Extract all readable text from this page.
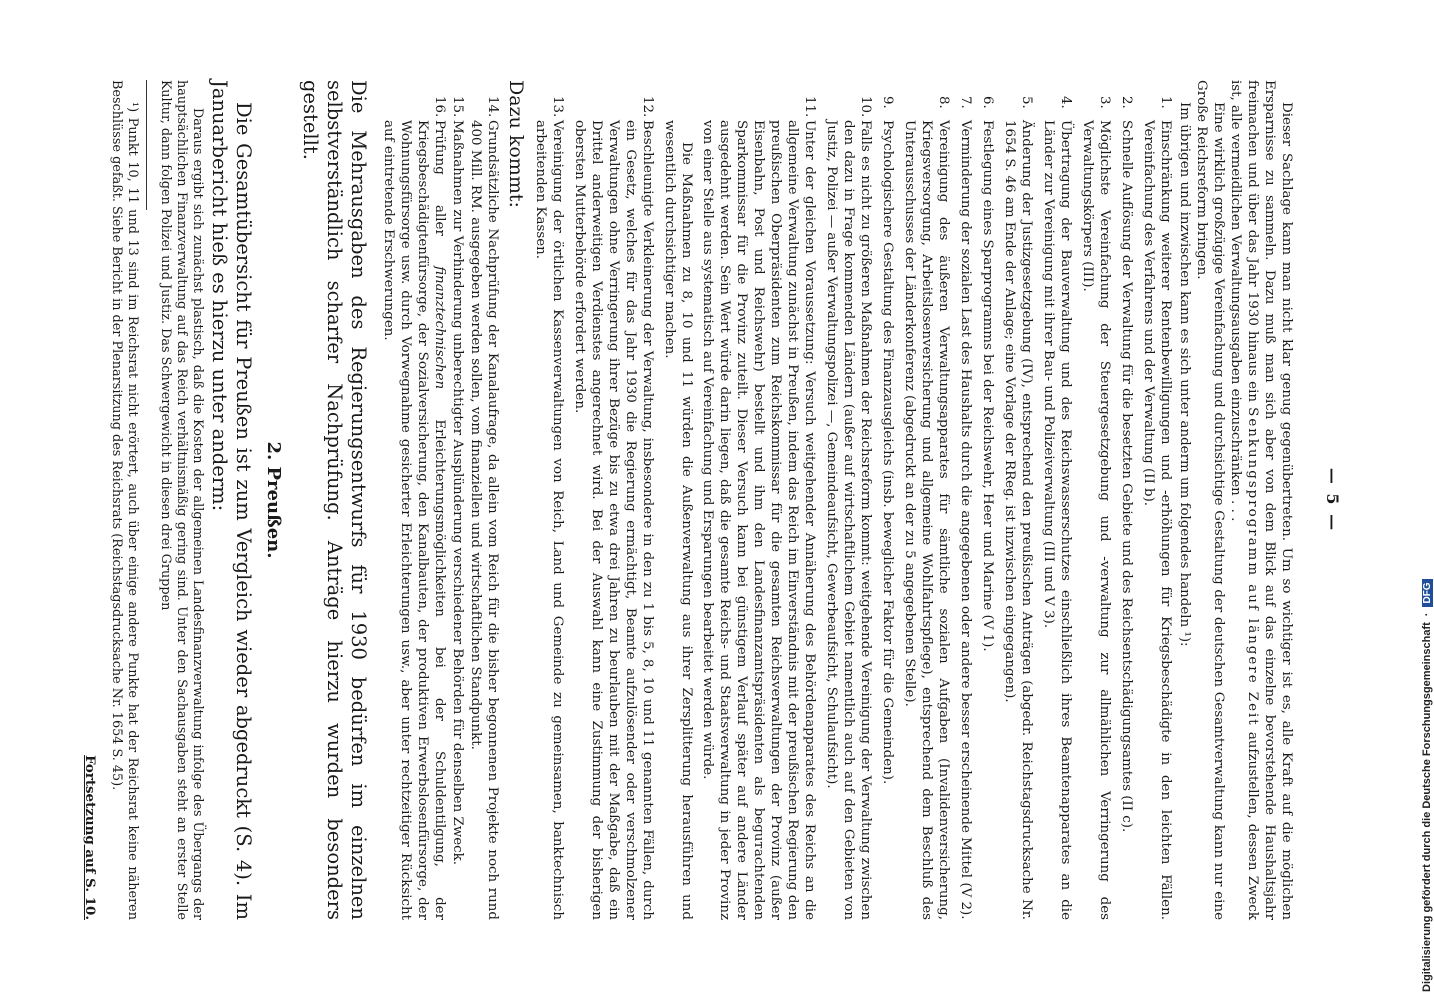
— 5 —

Dieser Sachlage kann man nicht klar genug gegenübertreten. Um so wichtiger ist es, alle Kraft auf die möglichen Ersparnisse zu sammeln. Dazu muß man sich aber von dem Blick auf das einzelne bevorstehende Haushaltsjahr freimachen und über das Jahr 1930 hinaus ein Senkungsprogramm auf längere Zeit aufzustellen, dessen Zweck ist, alle vermeidlichen Verwaltungsausgaben einzuschränken . . .

Eine wirklich großzügige Vereinfachung und durchsichtige Gestaltung der deutschen Gesamtverwaltung kann nur eine Große Reichsreform bringen.

Im übrigen und inzwischen kann es sich unter anderm um folgendes handeln ¹):

1.
Einschränkung weiterer Rentenbewilligungen und -erhöhungen für Kriegsbeschädigte in den leichten Fällen. Vereinfachung des Verfahrens und der Verwaltung (II b).
2.
Schnelle Auflösung der Verwaltung für die besetzten Gebiete und des Reichsentschädigungsamtes (II c).
3.
Möglichste Vereinfachung der Steuergesetzgebung und -verwaltung zur allmählichen Verringerung des Verwaltungskörpers (III).
4.
Übertragung der Bauverwaltung und des Reichswasserschutzes einschließlich ihres Beamtenapparates an die Länder zur Vereinigung mit ihrer Bau- und Polizeiverwaltung (III und V 3).
5.
Änderung der Justizgesetzgebung (IV), entsprechend den preußischen Anträgen (abgedr. Reichstagsdrucksache Nr. 1654 S. 46 am Ende der Anlage; eine Vorlage der RReg. ist inzwischen eingegangen).
6.
Festlegung eines Sparprogramms bei der Reichswehr, Heer und Marine (V 1).
7.
Verminderung der sozialen Last des Haushalts durch die angegebenen oder andere besser erscheinende Mittel (V 2).
8.
Vereinigung des äußeren Verwaltungsapparates für sämtliche sozialen Aufgaben (Invalidenversicherung, Kriegsversorgung, Arbeitslosenversicherung und allgemeine Wohlfahrtspflege), entsprechend dem Beschluß des Unterausschusses der Länderkonferenz (abgedruckt an der zu 5 angegebenen Stelle).
9.
Psychologischere Gestaltung des Finanzausgleichs (insb. beweglicher Faktor für die Gemeinden).
10.
Falls es nicht zu größeren Maßnahmen der Reichsreform kommt: weitgehende Vereinigung der Verwaltung zwischen den dazu in Frage kommenden Ländern (außer auf wirtschaftlichem Gebiet namentlich auch auf den Gebieten von Justiz, Polizei — außer Verwaltungspolizei —, Gemeindeaufsicht, Gewerbeaufsicht, Schulaufsicht).
11.
Unter der gleichen Voraussetzung: Versuch weitgehender Annäherung des Behördenapparates des Reichs an die allgemeine Verwaltung zunächst in Preußen, indem das Reich im Einverständnis mit der preußischen Regierung den preußischen Oberpräsidenten zum Reichskommissar für die gesamten Reichsverwaltungen der Provinz (außer Eisenbahn, Post und Reichswehr) bestellt und ihm den Landesfinanzamtspräsidenten als beguтachtenden Sparkommissar für die Provinz zuteilt. Dieser Versuch kann bei günstigem Verlauf später auf andere Länder ausgedehnt werden. Sein Wert würde darin liegen, daß die gesamte Reichs- und Staatsverwaltung in jeder Provinz von einer Stelle aus systematisch auf Vereinfachung und Ersparungen bearbeitet werden würde.
Die Maßnahmen zu 8, 10 und 11 würden die Außenverwaltung aus ihrer Zersplitterung herausführen und wesentlich durchsichtiger machen.
12.
Beschleunigte Verkleinerung der Verwaltung, insbesondere in den zu 1 bis 5, 8, 10 und 11 genannten Fällen, durch ein Gesetz, welches für das Jahr 1930 die Regierung ermächtigt, Beamte aufzulösender oder verschmolzener Verwaltungen ohne Verringerung ihrer Bezüge bis zu etwa drei Jahren zu beurlauben mit der Maßgabe, daß ein Drittel anderweitigen Verdienstes angerechnet wird. Bei der Auswahl kann eine Zustimmung der bisherigen obersten Mutterbehörde erfordert werden.
13.
Vereinigung der örtlichen Kassenverwaltungen von Reich, Land und Gemeinde zu gemeinsamen, banktechnisch arbeitenden Kassen.
Dazu kommt:
14.
Grundsätzliche Nachprüfung der Kanalaufrage, da allein vom Reich für die bisher begonnenen Projekte noch rund 400 Mill. RM. ausgegeben werden sollen, vom finanziellen und wirtschaftlichen Standpunkt.
15.
Maßnahmen zur Verhinderung unberechtigter Ausplünderung verschiedener Behörden für denselben Zweck.
16.
Prüfung aller finanztechnischen Erleichterungsmöglichkeiten bei der Schuldentilgung, der Kriegsbeschädigtenfürsorge, der Sozialversicherung, den Kanalbauten, der produktiven Erwerbslosenfürsorge, der Wohnungsfürsorge usw. durch Vorwegnahme gesicherter Erleichterungen usw., aber unter rechtzeitiger Rücksicht auf eintretende Erschwerungen.

Die Mehrausgaben des Regierungsentwurfs für 1930 bedürfen im einzelnen selbstverständlich scharfer Nachprüfung. Anträge hierzu wurden besonders gestellt.

2. Preußen.

Die Gesamtübersicht für Preußen ist zum Vergleich wieder abgedruckt (S. 4). Im Januarbericht hieß es hierzu unter anderm:

Daraus ergibt sich zunächst plastisch, daß die Kosten der allgemeinen Landesfinanzverwaltung infolge des Übergangs der hauptsächlichen Finanzverwaltung auf das Reich verhältnismäßig gering sind. Unter den Sachausgaben steht an erster Stelle Kultur, dann folgen Polizei und Justiz. Das Schwergewicht in diesen drei Gruppen

¹) Punkt 10, 11 und 13 sind im Reichsrat nicht erörtert, auch über einige andere Punkte hat der Reichsrat keine näheren Beschlüsse gefaßt. Siehe Bericht in der Plenarsitzung des Reichsrats (Reichstagsdrucksache Nr. 1654 S. 45).

Fortsetzung auf S. 10.	Digitalisierung gefördert durch die Deutsche Forschungsgemeinschaft
·
DFG
